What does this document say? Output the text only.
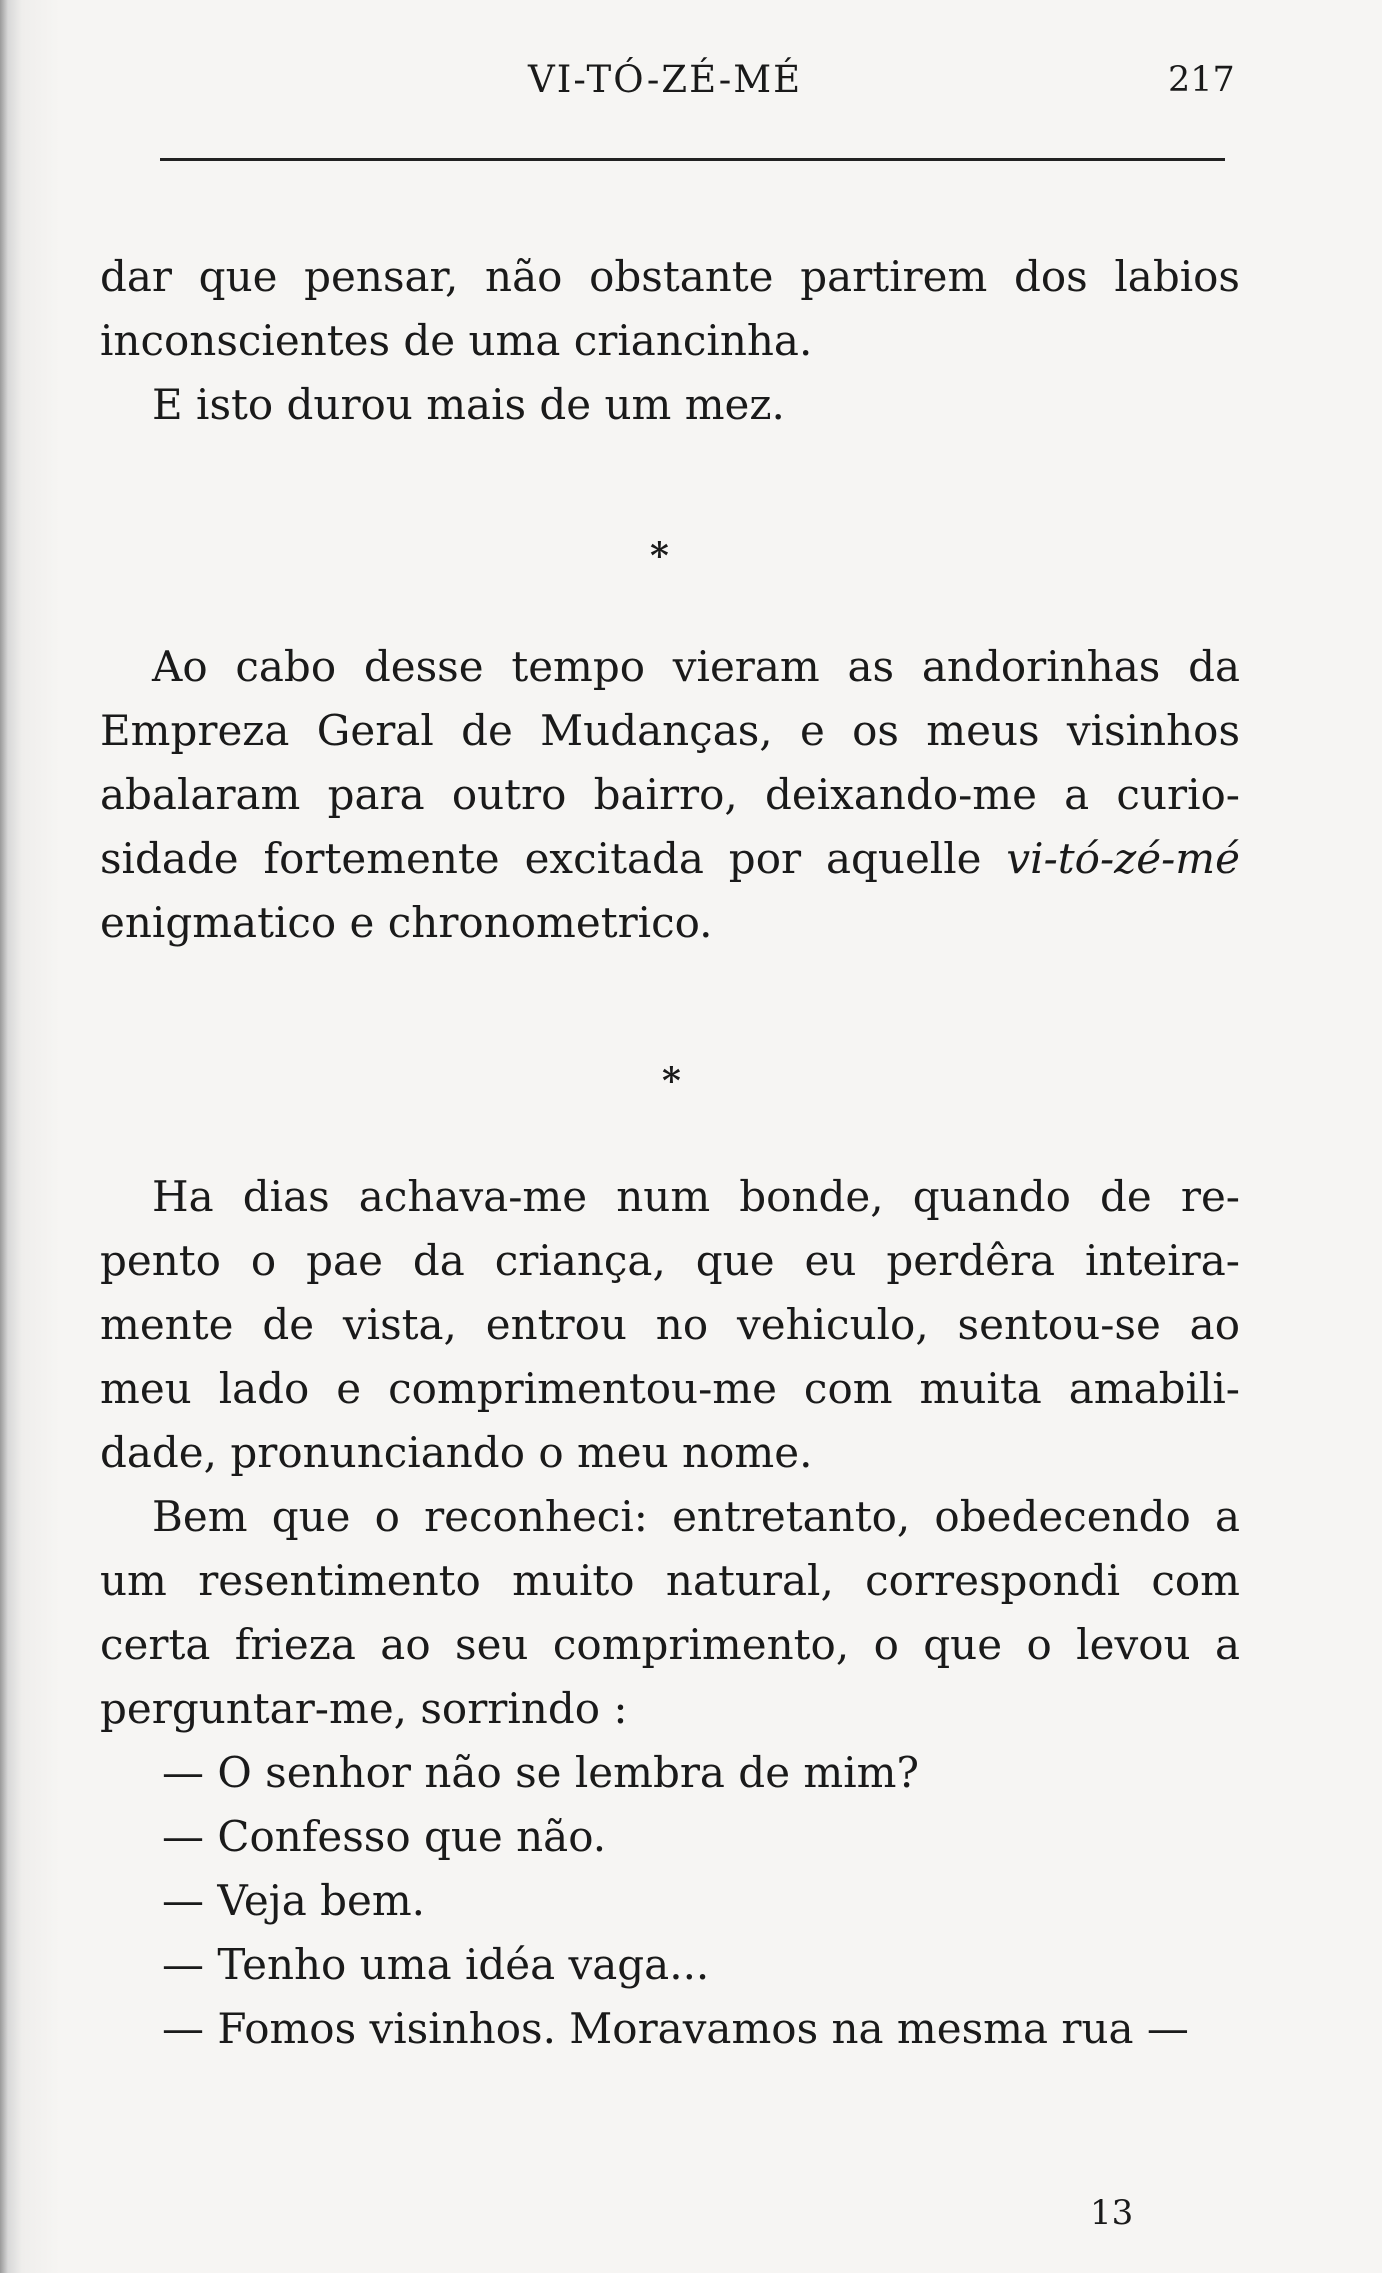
VI-TÓ-ZÉ-MÉ	217
dar que pensar, não obstante partirem dos labios
inconscientes de uma criancinha.
E isto durou mais de um mez.
*
Ao cabo desse tempo vieram as andorinhas da
Empreza Geral de Mudanças, e os meus visinhos
abalaram para outro bairro, deixando-me a curio-
sidade fortemente excitada por aquelle vi-tó-zé-mé
enigmatico e chronometrico.
*
Ha dias achava-me num bonde, quando de re-
pento o pae da criança, que eu perdêra inteira-
mente de vista, entrou no vehiculo, sentou-se ao
meu lado e comprimentou-me com muita amabili-
dade, pronunciando o meu nome.
Bem que o reconheci: entretanto, obedecendo a
um resentimento muito natural, correspondi com
certa frieza ao seu comprimento, o que o levou a
perguntar-me, sorrindo :
— O senhor não se lembra de mim?
— Confesso que não.
— Veja bem.
— Tenho uma idéa vaga...
— Fomos visinhos. Moravamos na mesma rua —
13
